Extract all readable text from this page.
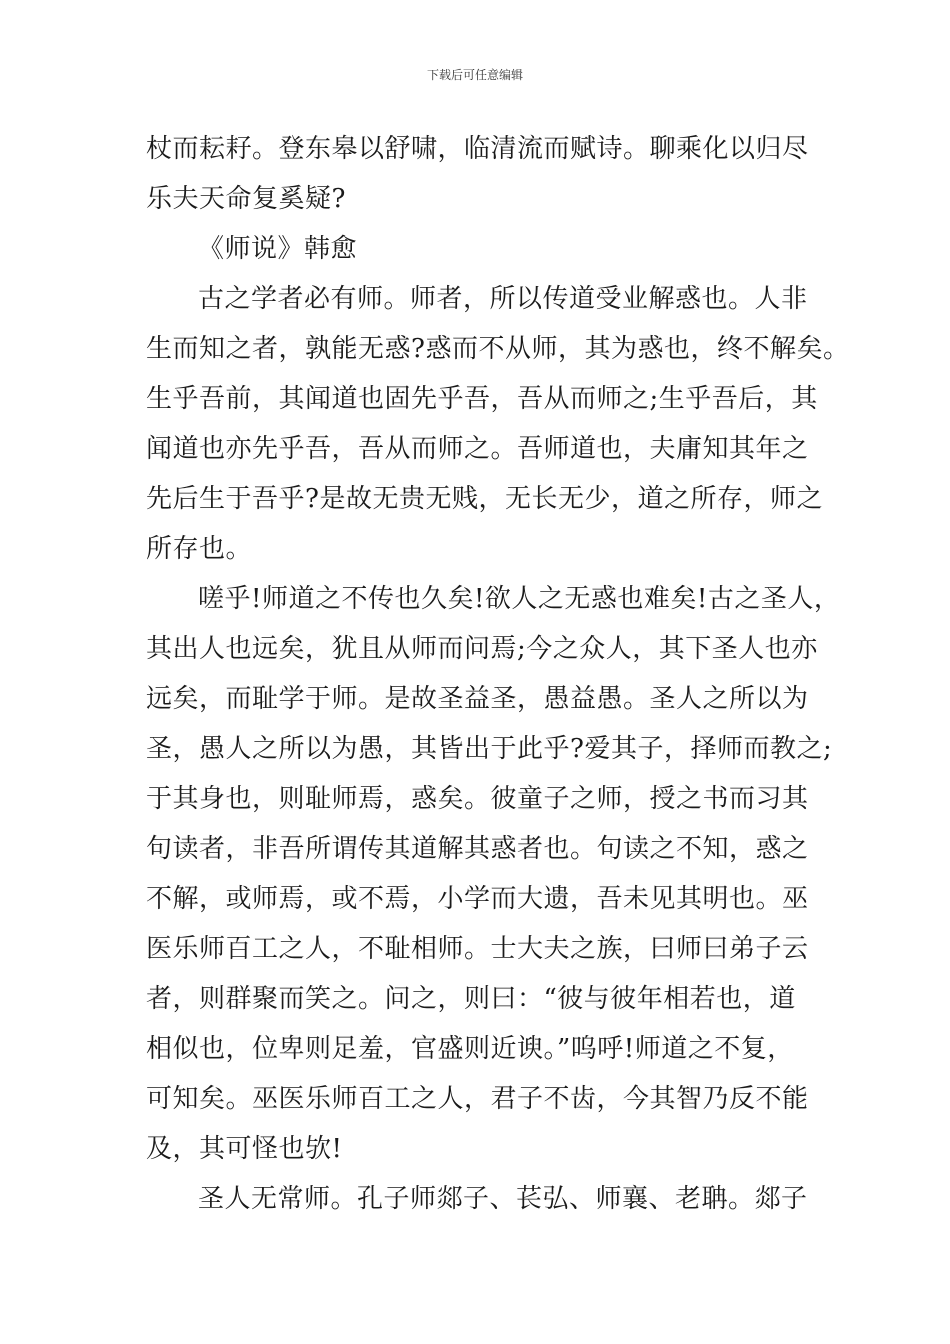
下载后可任意编辑
杖而耘耔。登东皋以舒啸，临清流而赋诗。聊乘化以归尽
乐夫天命复奚疑?
《师说》韩愈
古之学者必有师。师者，所以传道受业解惑也。人非
生而知之者，孰能无惑?惑而不从师，其为惑也，终不解矣。
生乎吾前，其闻道也固先乎吾，吾从而师之;生乎吾后，其
闻道也亦先乎吾，吾从而师之。吾师道也，夫庸知其年之
先后生于吾乎?是故无贵无贱，无长无少，道之所存，师之
所存也。
嗟乎!师道之不传也久矣!欲人之无惑也难矣!古之圣人，
其出人也远矣，犹且从师而问焉;今之众人，其下圣人也亦
远矣，而耻学于师。是故圣益圣，愚益愚。圣人之所以为
圣，愚人之所以为愚，其皆出于此乎?爱其子，择师而教之;
于其身也，则耻师焉，惑矣。彼童子之师，授之书而习其
句读者，非吾所谓传其道解其惑者也。句读之不知，惑之
不解，或师焉，或不焉，小学而大遗，吾未见其明也。巫
医乐师百工之人，不耻相师。士大夫之族，曰师曰弟子云
者，则群聚而笑之。问之，则曰：“彼与彼年相若也，道
相似也，位卑则足羞，官盛则近谀。”呜呼!师道之不复，
可知矣。巫医乐师百工之人，君子不齿，今其智乃反不能
及，其可怪也欤!
圣人无常师。孔子师郯子、苌弘、师襄、老聃。郯子
